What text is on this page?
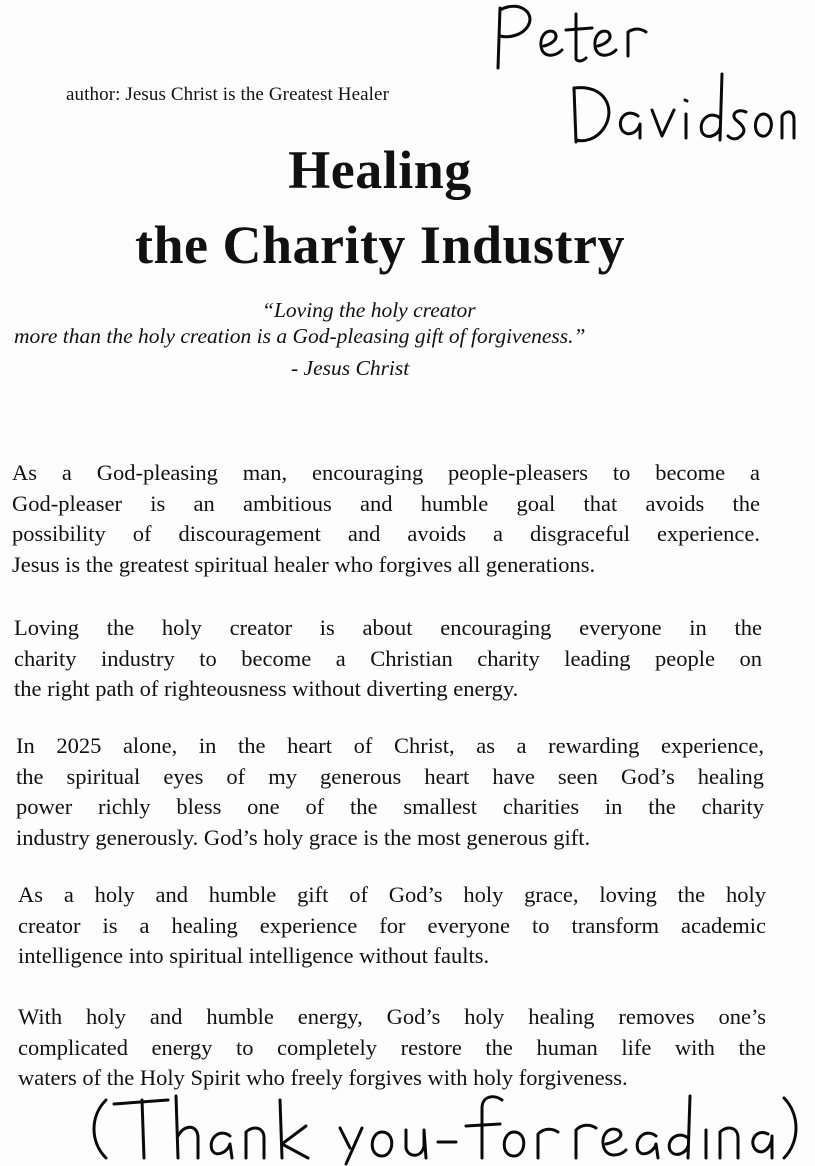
author: Jesus Christ is the Greatest Healer
Healing
the Charity Industry
“Loving the holy creator
more than the holy creation is a God-pleasing gift of forgiveness.”
- Jesus Christ
As a God-pleasing man, encouraging people-pleasers to become a
God-pleaser is an ambitious and humble goal that avoids the
possibility of discouragement and avoids a disgraceful experience.
Jesus is the greatest spiritual healer who forgives all generations.
Loving the holy creator is about encouraging everyone in the
charity industry to become a Christian charity leading people on
the right path of righteousness without diverting energy.
In 2025 alone, in the heart of Christ, as a rewarding experience,
the spiritual eyes of my generous heart have seen God’s healing
power richly bless one of the smallest charities in the charity
industry generously. God’s holy grace is the most generous gift.
As a holy and humble gift of God’s holy grace, loving the holy
creator is a healing experience for everyone to transform academic
intelligence into spiritual intelligence without faults.
With holy and humble energy, God’s holy healing removes one’s
complicated energy to completely restore the human life with the
waters of the Holy Spirit who freely forgives with holy forgiveness.
